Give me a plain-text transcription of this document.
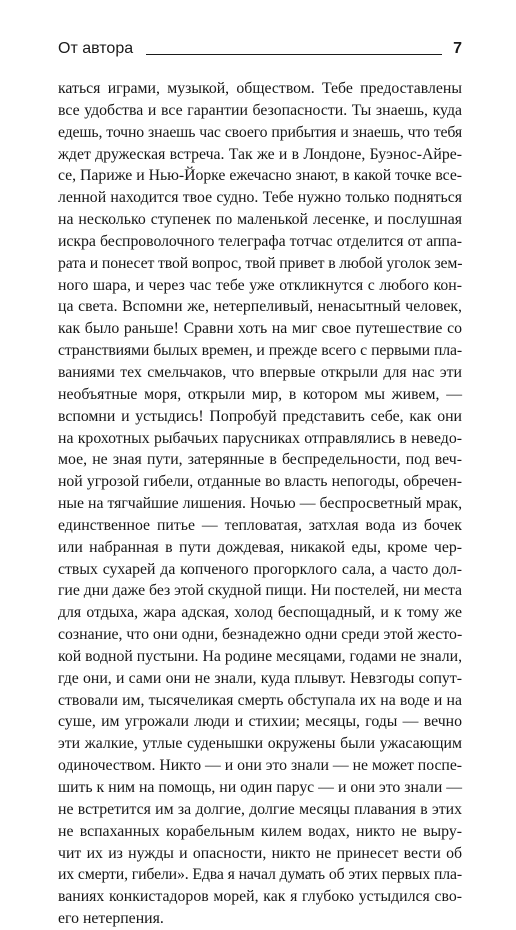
От автора	7
каться играми, музыкой, обществом. Тебе предоставлены
все удобства и все гарантии безопасности. Ты знаешь, куда
едешь, точно знаешь час своего прибытия и знаешь, что тебя
ждет дружеская встреча. Так же и в Лондоне, Буэнос-Айре-
се, Париже и Нью-Йорке ежечасно знают, в какой точке все-
ленной находится твое судно. Тебе нужно только подняться
на несколько ступенек по маленькой лесенке, и послушная
искра беспроволочного телеграфа тотчас отделится от аппа-
рата и понесет твой вопрос, твой привет в любой уголок зем-
ного шара, и через час тебе уже откликнутся с любого кон-
ца света. Вспомни же, нетерпеливый, ненасытный человек,
как было раньше! Сравни хоть на миг свое путешествие со
странствиями былых времен, и прежде всего с первыми пла-
ваниями тех смельчаков, что впервые открыли для нас эти
необъятные моря, открыли мир, в котором мы живем, —
вспомни и устыдись! Попробуй представить себе, как они
на крохотных рыбачьих парусниках отправлялись в неведо-
мое, не зная пути, затерянные в беспредельности, под веч-
ной угрозой гибели, отданные во власть непогоды, обречен-
ные на тягчайшие лишения. Ночью — беспросветный мрак,
единственное питье — тепловатая, затхлая вода из бочек
или набранная в пути дождевая, никакой еды, кроме чер-
ствых сухарей да копченого прогорклого сала, а часто дол-
гие дни даже без этой скудной пищи. Ни постелей, ни места
для отдыха, жара адская, холод беспощадный, и к тому же
сознание, что они одни, безнадежно одни среди этой жесто-
кой водной пустыни. На родине месяцами, годами не знали,
где они, и сами они не знали, куда плывут. Невзгоды сопут-
ствовали им, тысячеликая смерть обступала их на воде и на
суше, им угрожали люди и стихии; месяцы, годы — вечно
эти жалкие, утлые суденышки окружены были ужасающим
одиночеством. Никто — и они это знали — не может поспе-
шить к ним на помощь, ни один парус — и они это знали —
не встретится им за долгие, долгие месяцы плавания в этих
не вспаханных корабельным килем водах, никто не выру-
чит их из нужды и опасности, никто не принесет вести об
их смерти, гибели». Едва я начал думать об этих первых пла-
ваниях конкистадоров морей, как я глубоко устыдился сво-
его нетерпения.
